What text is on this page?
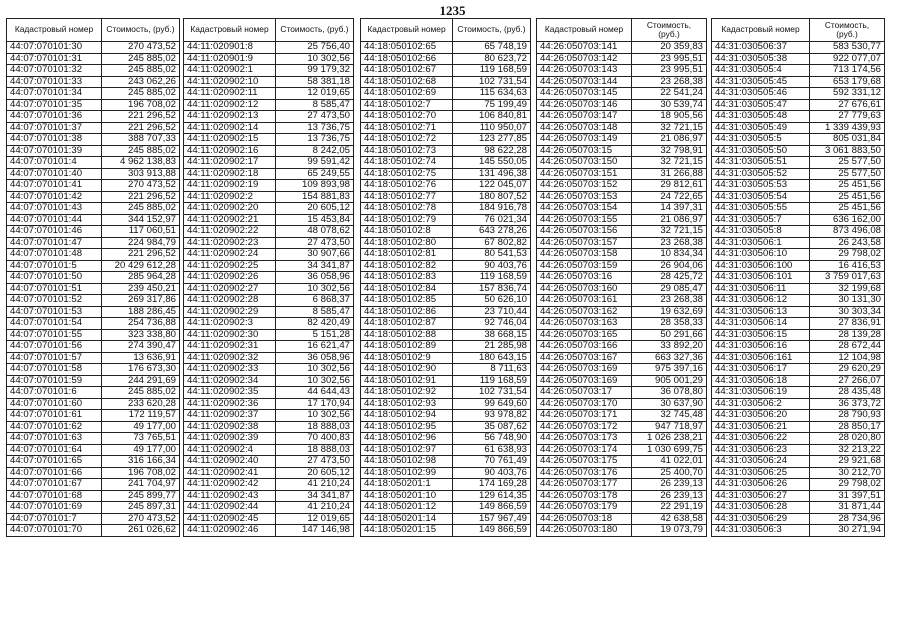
1235
Кадастровый номер	Стоимость, (руб.)
44:07:070101:30	270 473,52
44:07:070101:31	245 885,02
44:07:070101:32	245 885,02
44:07:070101:33	243 062,26
44:07:070101:34	245 885,02
44:07:070101:35	196 708,02
44:07:070101:36	221 296,52
44:07:070101:37	221 296,52
44:07:070101:38	388 707,33
44:07:070101:39	245 885,02
44:07:070101:4	4 962 138,83
44:07:070101:40	303 913,88
44:07:070101:41	270 473,52
44:07:070101:42	221 296,52
44:07:070101:43	245 885,02
44:07:070101:44	344 152,97
44:07:070101:46	117 060,51
44:07:070101:47	224 984,79
44:07:070101:48	221 296,52
44:07:070101:5	20 429 612,28
44:07:070101:50	285 964,28
44:07:070101:51	239 450,21
44:07:070101:52	269 317,86
44:07:070101:53	188 286,45
44:07:070101:54	254 736,88
44:07:070101:55	323 338,80
44:07:070101:56	274 390,47
44:07:070101:57	13 636,91
44:07:070101:58	176 673,30
44:07:070101:59	244 291,69
44:07:070101:6	245 885,02
44:07:070101:60	233 620,28
44:07:070101:61	172 119,57
44:07:070101:62	49 177,00
44:07:070101:63	73 765,51
44:07:070101:64	49 177,00
44:07:070101:65	316 166,34
44:07:070101:66	196 708,02
44:07:070101:67	241 704,97
44:07:070101:68	245 899,77
44:07:070101:69	245 897,31
44:07:070101:7	270 473,52
44:07:070101:70	261 026,62
Кадастровый номер	Стоимость, (руб.)
44:11:020901:8	25 756,40
44:11:020901:9	10 302,56
44:11:020902:1	99 179,32
44:11:020902:10	58 381,18
44:11:020902:11	12 019,65
44:11:020902:12	8 585,47
44:11:020902:13	27 473,50
44:11:020902:14	13 736,75
44:11:020902:15	13 736,75
44:11:020902:16	8 242,05
44:11:020902:17	99 591,42
44:11:020902:18	65 249,55
44:11:020902:19	109 893,98
44:11:020902:2	154 881,83
44:11:020902:20	20 605,12
44:11:020902:21	15 453,84
44:11:020902:22	48 078,62
44:11:020902:23	27 473,50
44:11:020902:24	30 907,66
44:11:020902:25	34 341,87
44:11:020902:26	36 058,96
44:11:020902:27	10 302,56
44:11:020902:28	6 868,37
44:11:020902:29	8 585,47
44:11:020902:3	82 420,49
44:11:020902:30	5 151,28
44:11:020902:31	16 621,47
44:11:020902:32	36 058,96
44:11:020902:33	10 302,56
44:11:020902:34	10 302,56
44:11:020902:35	44 644,43
44:11:020902:36	17 170,94
44:11:020902:37	10 302,56
44:11:020902:38	18 888,03
44:11:020902:39	70 400,83
44:11:020902:4	18 888,03
44:11:020902:40	27 473,50
44:11:020902:41	20 605,12
44:11:020902:42	41 210,24
44:11:020902:43	34 341,87
44:11:020902:44	41 210,24
44:11:020902:45	12 019,65
44:11:020902:46	147 146,98
Кадастровый номер	Стоимость, (руб.)
44:18:050102:65	65 748,19
44:18:050102:66	80 623,72
44:18:050102:67	119 168,59
44:18:050102:68	102 731,54
44:18:050102:69	115 634,63
44:18:050102:7	75 199,49
44:18:050102:70	106 840,81
44:18:050102:71	110 950,07
44:18:050102:72	123 277,85
44:18:050102:73	98 622,28
44:18:050102:74	145 550,05
44:18:050102:75	131 496,38
44:18:050102:76	122 045,07
44:18:050102:77	180 807,52
44:18:050102:78	184 916,78
44:18:050102:79	76 021,34
44:18:050102:8	643 278,26
44:18:050102:80	67 802,82
44:18:050102:81	80 541,53
44:18:050102:82	90 403,76
44:18:050102:83	119 168,59
44:18:050102:84	157 836,74
44:18:050102:85	50 626,10
44:18:050102:86	23 710,44
44:18:050102:87	92 746,04
44:18:050102:88	38 668,15
44:18:050102:89	21 285,98
44:18:050102:9	180 643,15
44:18:050102:90	8 711,63
44:18:050102:91	119 168,59
44:18:050102:92	102 731,54
44:18:050102:93	99 649,60
44:18:050102:94	93 978,82
44:18:050102:95	35 087,62
44:18:050102:96	56 748,90
44:18:050102:97	61 638,93
44:18:050102:98	70 761,49
44:18:050102:99	90 403,76
44:18:050201:1	174 169,28
44:18:050201:10	129 614,35
44:18:050201:12	149 866,59
44:18:050201:14	157 967,49
44:18:050201:15	149 866,59
Кадастровый номер	Стоимость, (руб.)
44:26:050703:141	20 359,83
44:26:050703:142	23 995,51
44:26:050703:143	23 995,51
44:26:050703:144	23 268,38
44:26:050703:145	22 541,24
44:26:050703:146	30 539,74
44:26:050703:147	18 905,56
44:26:050703:148	32 721,15
44:26:050703:149	21 086,97
44:26:050703:15	32 798,91
44:26:050703:150	32 721,15
44:26:050703:151	31 266,88
44:26:050703:152	29 812,61
44:26:050703:153	24 722,65
44:26:050703:154	14 397,31
44:26:050703:155	21 086,97
44:26:050703:156	32 721,15
44:26:050703:157	23 268,38
44:26:050703:158	10 834,34
44:26:050703:159	26 904,06
44:26:050703:16	28 425,72
44:26:050703:160	29 085,47
44:26:050703:161	23 268,38
44:26:050703:162	19 632,69
44:26:050703:163	28 358,33
44:26:050703:165	50 291,66
44:26:050703:166	33 892,20
44:26:050703:167	663 327,36
44:26:050703:169	975 397,16
44:26:050703:169	905 001,29
44:26:050703:17	36 078,80
44:26:050703:170	30 637,90
44:26:050703:171	32 745,48
44:26:050703:172	947 718,97
44:26:050703:173	1 026 238,21
44:26:050703:174	1 030 699,75
44:26:050703:175	41 022,01
44:26:050703:176	25 400,70
44:26:050703:177	26 239,13
44:26:050703:178	26 239,13
44:26:050703:179	22 291,19
44:26:050703:18	42 638,58
44:26:050703:180	19 073,79
Кадастровый номер	Стоимость, (руб.)
44:31:030506:37	583 530,77
44:31:030505:38	922 077,07
44:31:030505:4	713 174,56
44:31:030505:45	653 179,68
44:31:030505:46	592 331,12
44:31:030505:47	27 676,61
44:31:030505:48	27 779,63
44:31:030505:49	1 339 439,93
44:31:030505:5	805 031,84
44:31:030505:50	3 061 883,50
44:31:030505:51	25 577,50
44:31:030505:52	25 577,50
44:31:030505:53	25 451,56
44:31:030505:54	25 451,56
44:31:030505:55	25 451,56
44:31:030505:7	636 162,00
44:31:030505:8	873 496,08
44:31:030506:1	26 243,58
44:31:030506:10	29 798,02
44:31:030506:100	16 416,53
44:31:030506:101	3 759 017,63
44:31:030506:11	32 199,68
44:31:030506:12	30 131,30
44:31:030506:13	30 303,34
44:31:030506:14	27 836,91
44:31:030506:15	28 139,28
44:31:030506:16	28 672,44
44:31:030506:161	12 104,98
44:31:030506:17	29 620,29
44:31:030506:18	27 266,07
44:31:030506:19	28 435,48
44:31:030506:2	36 373,72
44:31:030506:20	28 790,93
44:31:030506:21	28 850,17
44:31:030506:22	28 020,80
44:31:030506:23	32 213,22
44:31:030506:24	29 921,68
44:31:030506:25	30 212,70
44:31:030506:26	29 798,02
44:31:030506:27	31 397,51
44:31:030506:28	31 871,44
44:31:030506:29	28 734,96
44:31:030506:3	30 271,94
